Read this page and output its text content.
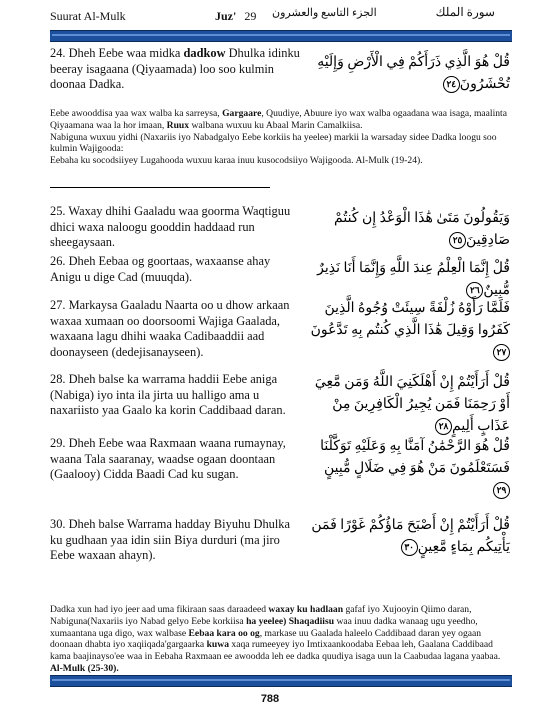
Suurat Al-Mulk	Juz' 29 الجزء التاسع والعشرون	سورة الملك
24. Dheh Eebe waa midka dadkow Dhulka idinku beeray isagaana (Qiyaamada) loo soo kulmin doonaa Dadka.
قُلْ هُوَ الَّذِي ذَرَأَكُمْ فِي الْأَرْضِ وَإِلَيْهِ تُحْشَرُونَ٢٤
Eebe awooddisa yaa wax walba ka sarreysa, Gargaare, Quudiye, Abuure iyo wax walba ogaadana waa isaga, maalinta Qiyaamana waa la hor imaan, Ruux walbana wuxuu ku Abaal Marin Camalkiisa.
Nabiguna wuxuu yidhi (Naxariis iyo Nabadgalyo Eebe korkiis ha yeelee) markii la warsaday sidee Dadka loogu soo kulmin Wajigooda:
Eebaha ku socodsiiyey Lugahooda wuxuu karaa inuu kusocodsiiyo Wajigooda. Al-Mulk (19-24).
25. Waxay dhihi Gaaladu waa goorma Waqtiguu dhici waxa naloogu gooddin haddaad run sheegaysaan.
وَيَقُولُونَ مَتَىٰ هَٰذَا الْوَعْدُ إِن كُنتُمْ صَادِقِينَ٢٥
26. Dheh Eebaa og goortaas, waxaanse ahay Anigu u dige Cad (muuqda).
قُلْ إِنَّمَا الْعِلْمُ عِندَ اللَّهِ وَإِنَّمَا أَنَا نَذِيرٌ مُّبِينٌ٢٦
27. Markaysa Gaaladu Naarta oo u dhow arkaan waxaa xumaan oo doorsoomi Wajiga Gaalada, waxaana lagu dhihi waaka Cadibaaddii aad doonayseen (dedejisanayseen).
فَلَمَّا رَأَوْهُ زُلْفَةً سِيئَتْ وُجُوهُ الَّذِينَ كَفَرُوا وَقِيلَ هَٰذَا الَّذِي كُنتُم بِهِ تَدَّعُونَ٢٧
28. Dheh balse ka warrama haddii Eebe aniga (Nabiga) iyo inta ila jirta uu halligo ama u naxariisto yaa Gaalo ka korin Caddibaad daran.
قُلْ أَرَأَيْتُمْ إِنْ أَهْلَكَنِيَ اللَّهُ وَمَن مَّعِيَ أَوْ رَحِمَنَا فَمَن يُجِيرُ الْكَافِرِينَ مِنْ عَذَابٍ أَلِيمٍ٢٨
29. Dheh Eebe waa Raxmaan waana rumaynay, waana Tala saaranay, waadse ogaan doontaan (Gaalooy) Cidda Baadi Cad ku sugan.
قُلْ هُوَ الرَّحْمَٰنُ آمَنَّا بِهِ وَعَلَيْهِ تَوَكَّلْنَا فَسَتَعْلَمُونَ مَنْ هُوَ فِي ضَلَالٍ مُّبِينٍ٢٩
30. Dheh balse Warrama hadday Biyuhu Dhulka ku gudhaan yaa idin siin Biya durduri (ma jiro Eebe waxaan ahayn).
قُلْ أَرَأَيْتُمْ إِنْ أَصْبَحَ مَاؤُكُمْ غَوْرًا فَمَن يَأْتِيكُم بِمَاءٍ مَّعِينٍ٣٠
Dadka xun had iyo jeer aad uma fikiraan saas daraadeed waxay ku hadlaan gafaf iyo Xujooyin Qiimo daran, Nabiguna(Naxariis iyo Nabad gelyo Eebe korkiisa ha yeelee) Shaqadiisu waa inuu dadka wanaag ugu yeedho, xumaantana uga digo, wax walbase Eebaa kara oo og, markase uu Gaalada haleelo Caddibaad daran yey ogaan doonaan dhabta iyo xaqiiqada'gargaarka kuwa xaqa rumeeyey iyo Imtixaankoodaba Eebaa leh, Gaalana Caddibaad kama baajinayso'ee waa in Eebaha Raxmaan ee awoodda leh ee dadka quudiya isaga uun la Caabudaa lagana yaabaa. Al-Mulk (25-30).
788
